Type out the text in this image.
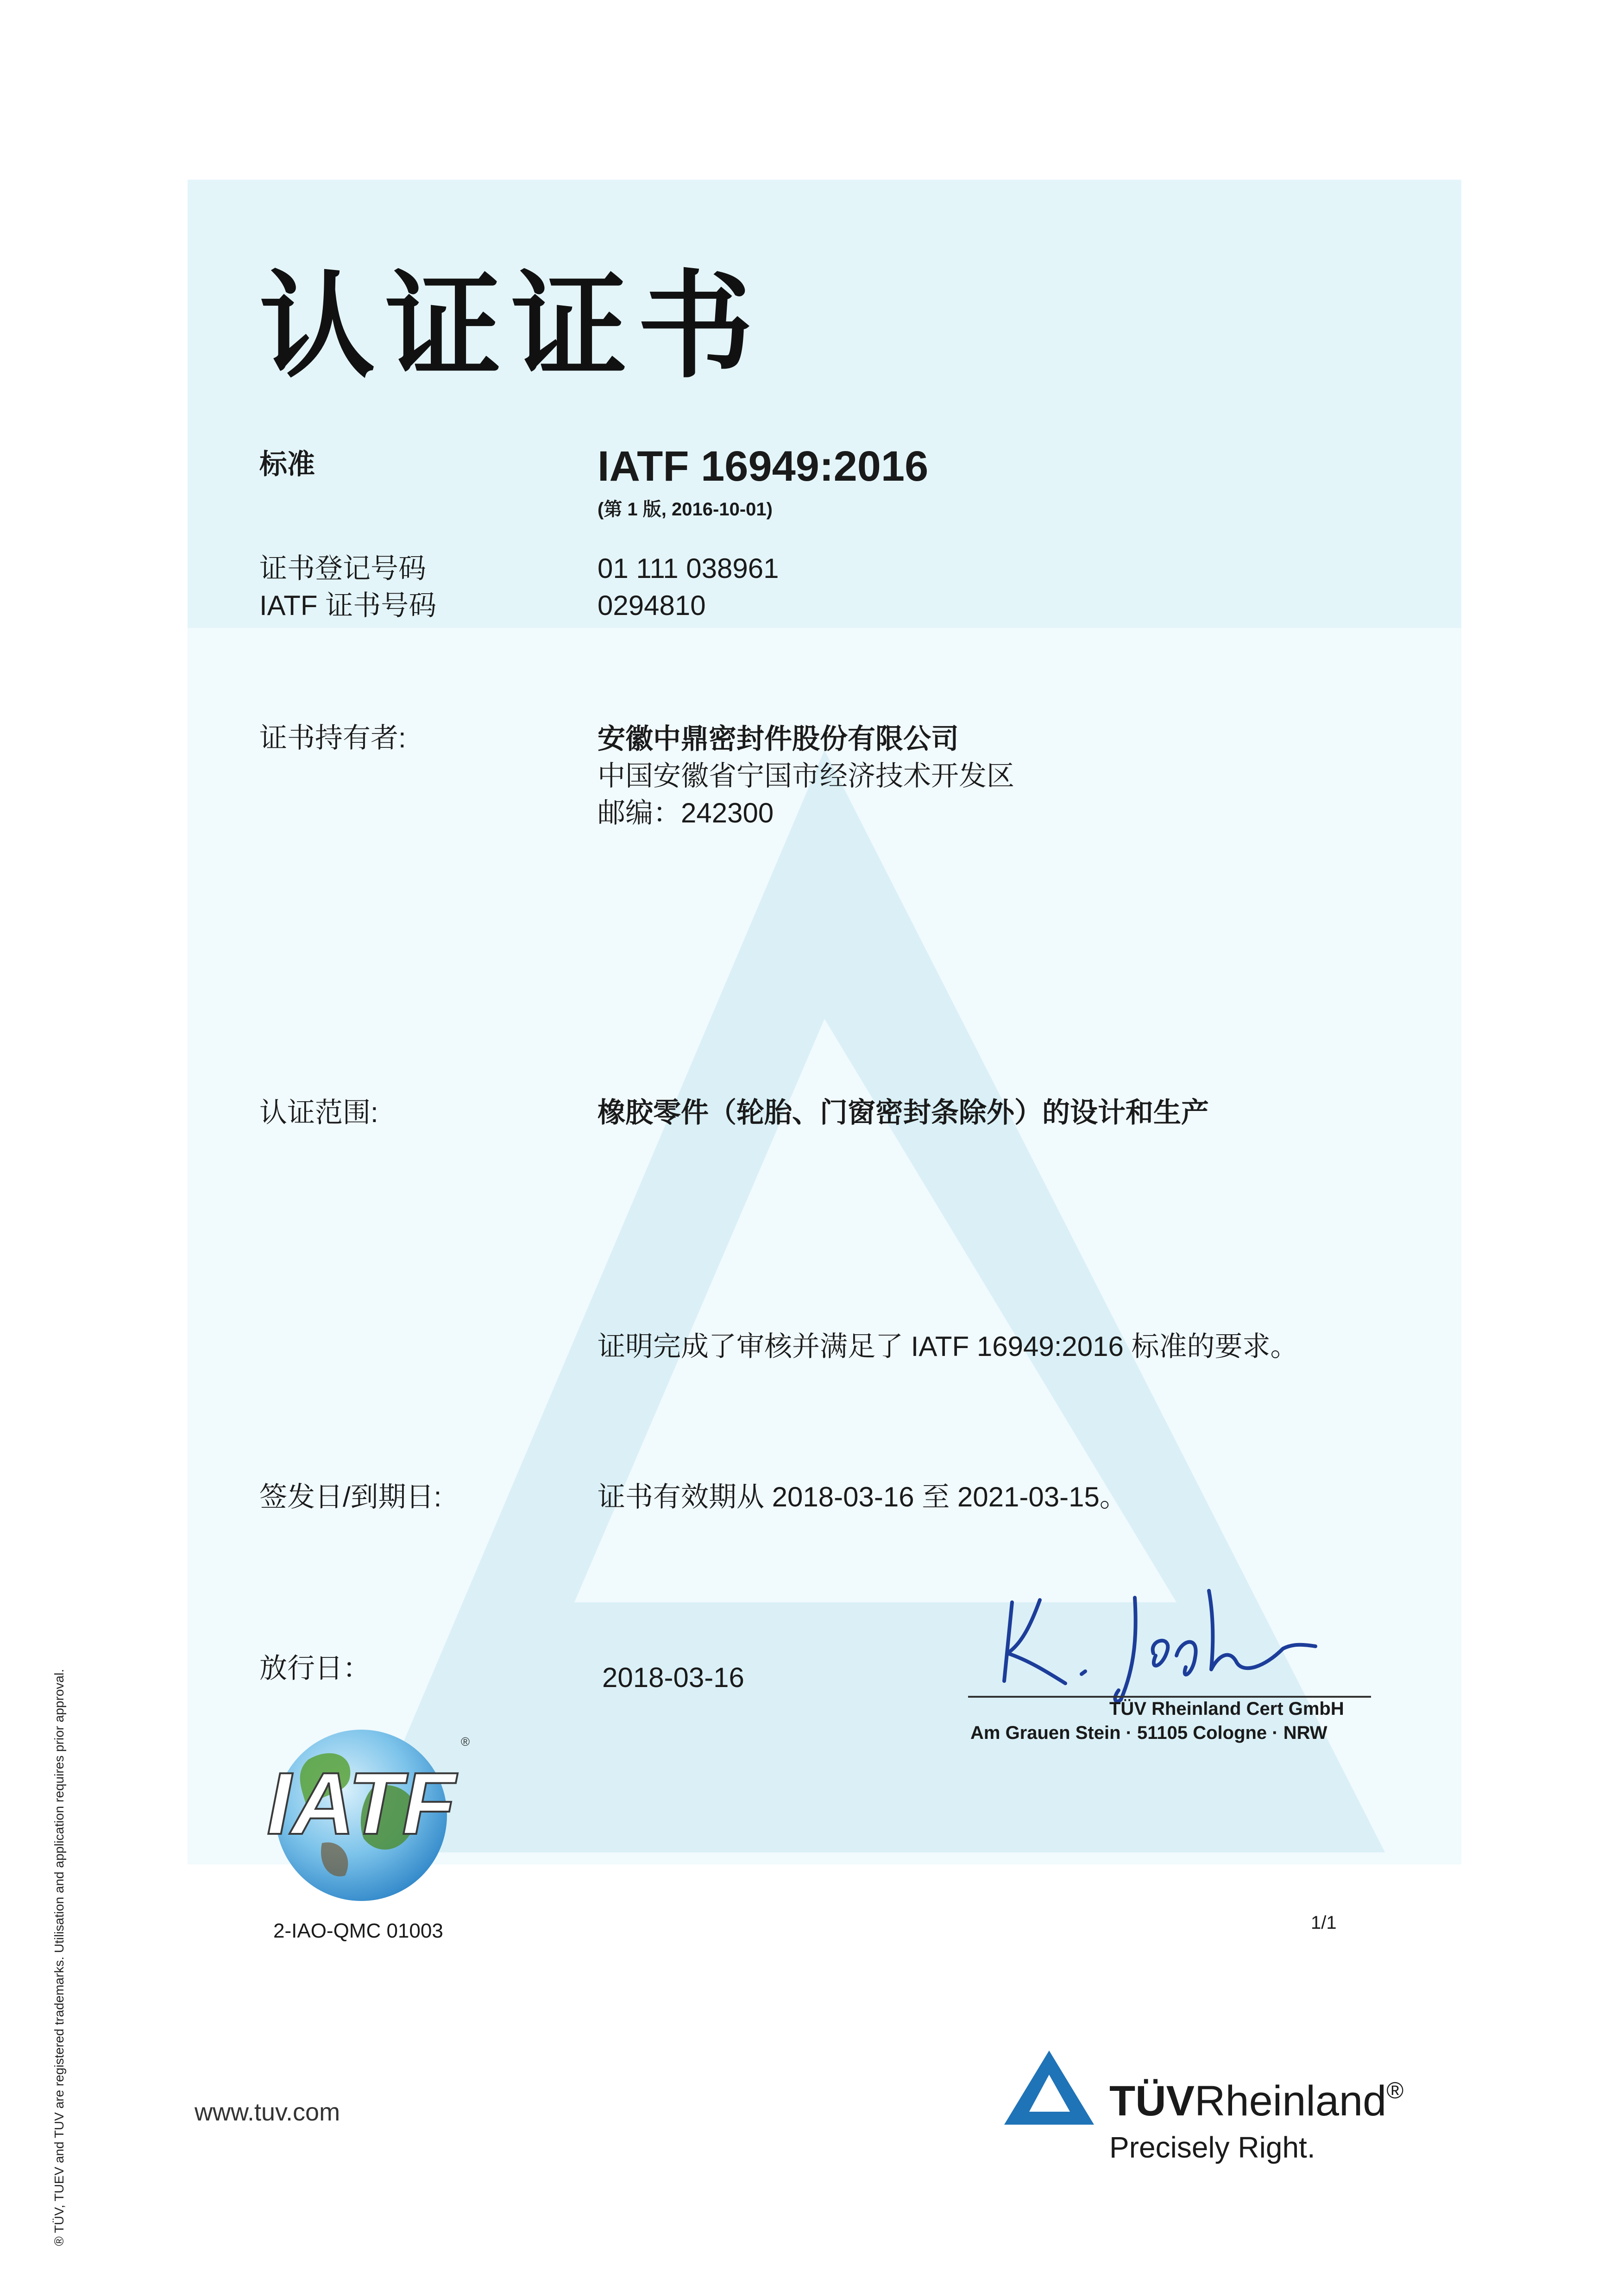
认证证书
标准	IATF 16949:2016
(第 1 版, 2016-10-01)
证书登记号码	01 111 038961
IATF 证书号码	0294810
证书持有者:	安徽中鼎密封件股份有限公司
中国安徽省宁国市经济技术开发区
邮编：242300
认证范围:	橡胶零件（轮胎、门窗密封条除外）的设计和生产
证明完成了审核并满足了 IATF 16949:2016 标准的要求。
签发日/到期日:	证书有效期从 2018-03-16 至 2021-03-15。
放行日：	2018-03-16
TÜV Rheinland Cert GmbH
Am Grauen Stein · 51105 Cologne · NRW
IATF
®
2-IAO-QMC 01003	1/1
® TÜV, TUEV and TUV are registered trademarks. Utilisation and application requires prior approval.	www.tuv.com	TÜVRheinland®
Precisely Right.
